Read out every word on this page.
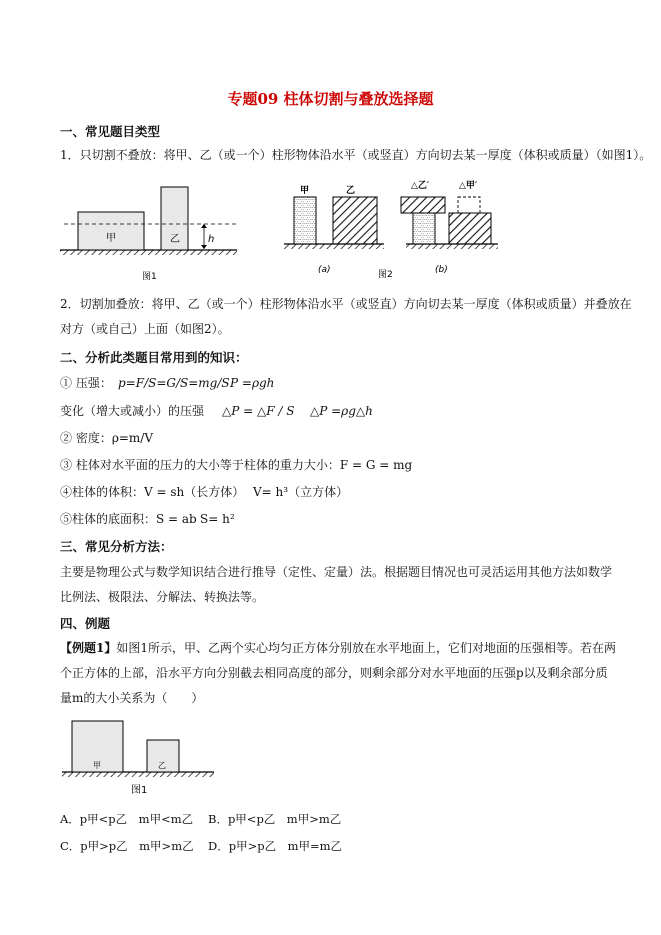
专题09 柱体切割与叠放选择题
一、常见题目类型
1．只切割不叠放：将甲、乙（或一个）柱形物体沿水平（或竖直）方向切去某一厚度（体积或质量）（如图1）。
甲	乙	h
图1
甲	乙
(a)	图2
△乙′	△甲′
(b)
2．切割加叠放：将甲、乙（或一个）柱形物体沿水平（或竖直）方向切去某一厚度（体积或质量）并叠放在
对方（或自己）上面（如图2）。
二、分析此类题目常用到的知识：
① 压强： p=F/S=G/S=mg/S P =ρgh
变化（增大或减小）的压强 △P = △F / S △P =ρg△h
② 密度：ρ=m/V
③ 柱体对水平面的压力的大小等于柱体的重力大小：F = G = mg
④柱体的体积：V = sh（长方体） V= h³（立方体）
⑤柱体的底面积：S = ab S= h²
三、常见分析方法：
主要是物理公式与数学知识结合进行推导（定性、定量）法。根据题目情况也可灵活运用其他方法如数学
比例法、极限法、分解法、转换法等。
四、例题
【例题1】如图1所示，甲、乙两个实心均匀正方体分别放在水平地面上，它们对地面的压强相等。若在两
个正方体的上部，沿水平方向分别截去相同高度的部分，则剩余部分对水平地面的压强p以及剩余部分质
量m的大小关系为（　　）
甲	乙
图1
A．p甲<p乙　m甲<m乙 B．p甲<p乙　m甲>m乙
C．p甲>p乙　m甲>m乙 D．p甲>p乙　m甲=m乙
